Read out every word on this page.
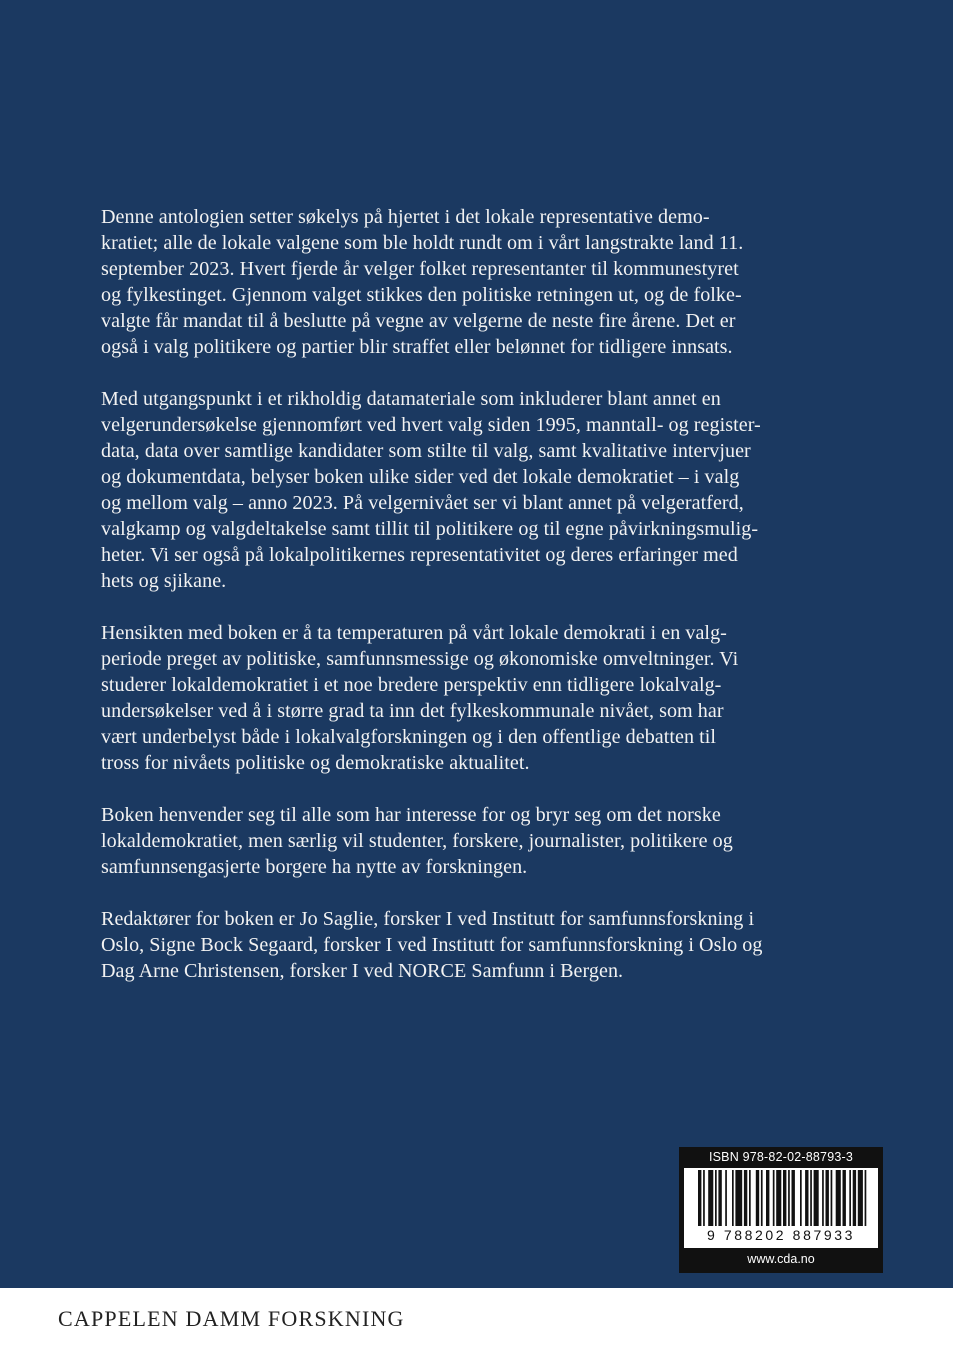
Denne antologien setter søkelys på hjertet i det lokale representative demo-
kratiet; alle de lokale valgene som ble holdt rundt om i vårt langstrakte land 11.
september 2023. Hvert fjerde år velger folket representanter til kommunestyret
og fylkestinget. Gjennom valget stikkes den politiske retningen ut, og de folke-
valgte får mandat til å beslutte på vegne av velgerne de neste fire årene. Det er
også i valg politikere og partier blir straffet eller belønnet for tidligere innsats.

Med utgangspunkt i et rikholdig datamateriale som inkluderer blant annet en
velgerundersøkelse gjennomført ved hvert valg siden 1995, manntall- og register-
data, data over samtlige kandidater som stilte til valg, samt kvalitative intervjuer
og dokumentdata, belyser boken ulike sider ved det lokale demokratiet – i valg
og mellom valg – anno 2023. På velgernivået ser vi blant annet på velgeratferd,
valgkamp og valgdeltakelse samt tillit til politikere og til egne påvirkningsmulig-
heter. Vi ser også på lokalpolitikernes representativitet og deres erfaringer med
hets og sjikane.

Hensikten med boken er å ta temperaturen på vårt lokale demokrati i en valg-
periode preget av politiske, samfunnsmessige og økonomiske omveltninger. Vi
studerer lokaldemokratiet i et noe bredere perspektiv enn tidligere lokalvalg-
undersøkelser ved å i større grad ta inn det fylkeskommunale nivået, som har
vært underbelyst både i lokalvalgforskningen og i den offentlige debatten til
tross for nivåets politiske og demokratiske aktualitet.

Boken henvender seg til alle som har interesse for og bryr seg om det norske
lokaldemokratiet, men særlig vil studenter, forskere, journalister, politikere og
samfunnsengasjerte borgere ha nytte av forskningen.

Redaktører for boken er Jo Saglie, forsker I ved Institutt for samfunnsforskning i
Oslo, Signe Bock Segaard, forsker I ved Institutt for samfunnsforskning i Oslo og
Dag Arne Christensen, forsker I ved NORCE Samfunn i Bergen.

ISBN 978-82-02-88793-3
9 788202 887933
www.cda.no
CAPPELEN DAMM FORSKNING
